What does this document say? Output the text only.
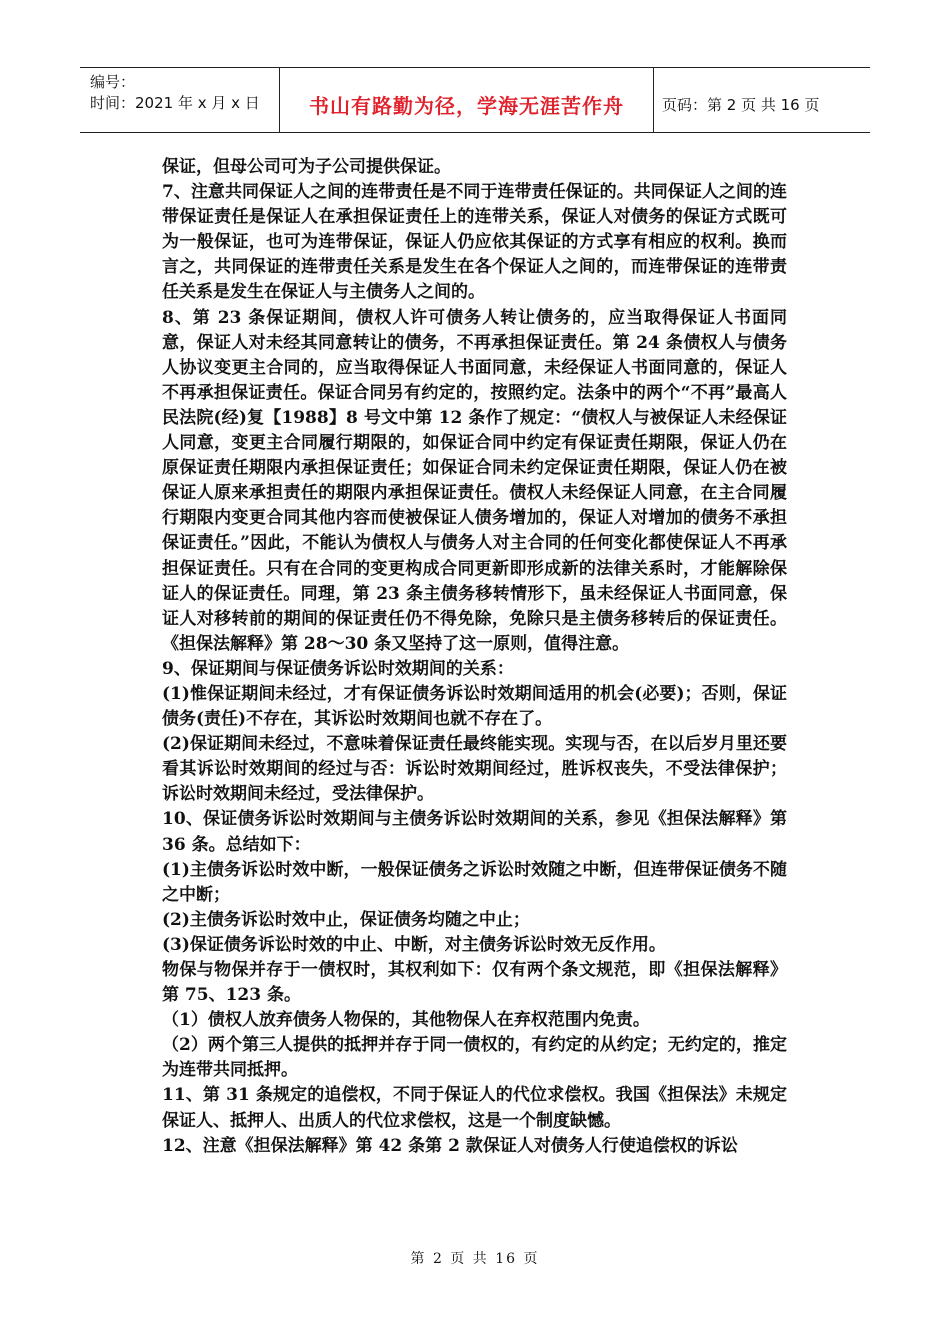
编号：
时间：2021 年 x 月 x 日	书山有路勤为径，学海无涯苦作舟	页码：第 2 页 共 16 页

保证，但母公司可为子公司提供保证。

7、注意共同保证人之间的连带责任是不同于连带责任保证的。共同保证人之间的连带保证责任是保证人在承担保证责任上的连带关系，保证人对债务的保证方式既可为一般保证，也可为连带保证，保证人仍应依其保证的方式享有相应的权利。换而言之，共同保证的连带责任关系是发生在各个保证人之间的，而连带保证的连带责任关系是发生在保证人与主债务人之间的。

8、第 23 条保证期间，债权人许可债务人转让债务的，应当取得保证人书面同意，保证人对未经其同意转让的债务，不再承担保证责任。第 24 条债权人与债务人协议变更主合同的，应当取得保证人书面同意，未经保证人书面同意的，保证人不再承担保证责任。保证合同另有约定的，按照约定。法条中的两个“不再”最高人民法院(经)复【1988】8 号文中第 12 条作了规定：“债权人与被保证人未经保证人同意，变更主合同履行期限的，如保证合同中约定有保证责任期限，保证人仍在原保证责任期限内承担保证责任；如保证合同未约定保证责任期限，保证人仍在被保证人原来承担责任的期限内承担保证责任。债权人未经保证人同意，在主合同履行期限内变更合同其他内容而使被保证人债务增加的，保证人对增加的债务不承担保证责任。”因此，不能认为债权人与债务人对主合同的任何变化都使保证人不再承担保证责任。只有在合同的变更构成合同更新即形成新的法律关系时，才能解除保证人的保证责任。同理，第 23 条主债务移转情形下，虽未经保证人书面同意，保证人对移转前的期间的保证责任仍不得免除，免除只是主债务移转后的保证责任。《担保法解释》第 28～30 条又坚持了这一原则，值得注意。

9、保证期间与保证债务诉讼时效期间的关系：

(1)惟保证期间未经过，才有保证债务诉讼时效期间适用的机会(必要)；否则，保证债务(责任)不存在，其诉讼时效期间也就不存在了。

(2)保证期间未经过，不意味着保证责任最终能实现。实现与否，在以后岁月里还要看其诉讼时效期间的经过与否：诉讼时效期间经过，胜诉权丧失，不受法律保护；诉讼时效期间未经过，受法律保护。

10、保证债务诉讼时效期间与主债务诉讼时效期间的关系，参见《担保法解释》第 36 条。总结如下：

(1)主债务诉讼时效中断，一般保证债务之诉讼时效随之中断，但连带保证债务不随之中断；

(2)主债务诉讼时效中止，保证债务均随之中止；

(3)保证债务诉讼时效的中止、中断，对主债务诉讼时效无反作用。

物保与物保并存于一债权时，其权利如下：仅有两个条文规范，即《担保法解释》第 75、123 条。

（1）债权人放弃债务人物保的，其他物保人在弃权范围内免责。

（2）两个第三人提供的抵押并存于同一债权的，有约定的从约定；无约定的，推定为连带共同抵押。

11、第 31 条规定的追偿权，不同于保证人的代位求偿权。我国《担保法》未规定保证人、抵押人、出质人的代位求偿权，这是一个制度缺憾。

12、注意《担保法解释》第 42 条第 2 款保证人对债务人行使追偿权的诉讼

第 2 页 共 16 页
